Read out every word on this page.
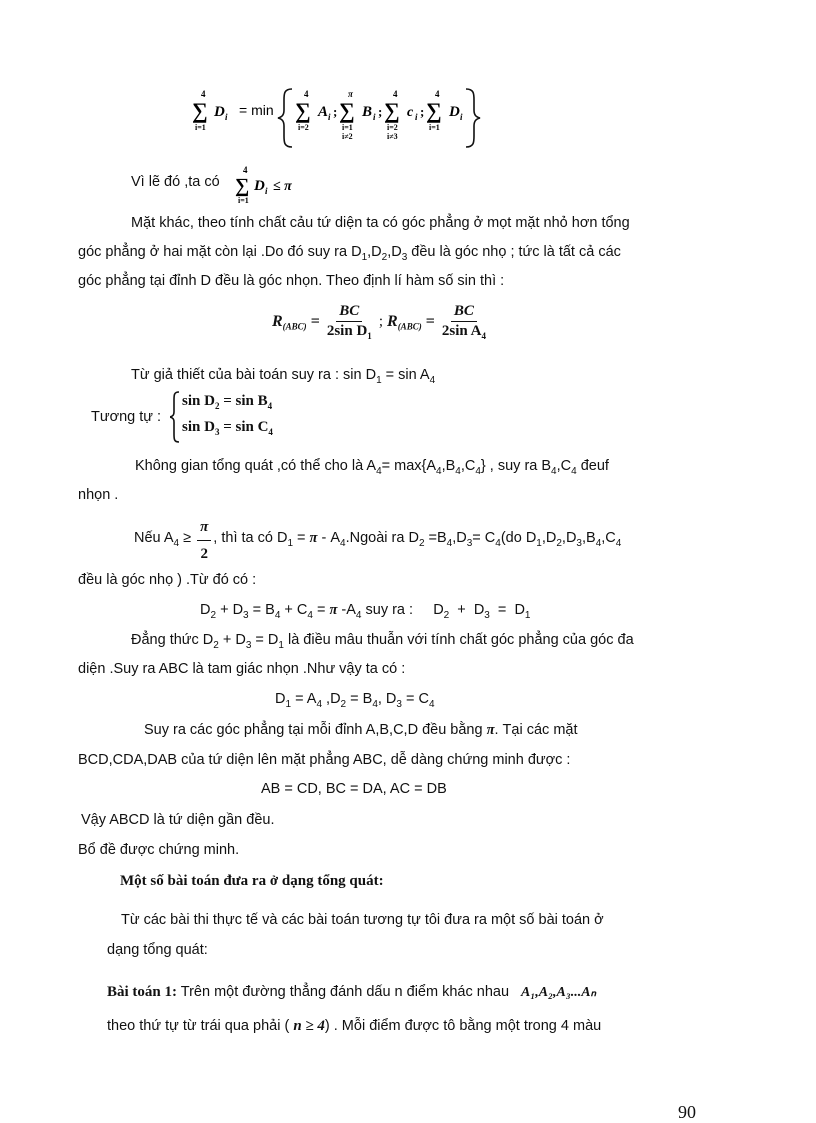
4
∑
i=1
D i = min
4
∑
i=2
A i ;
π
∑
i=1
i≠2
B i ;
4
∑
i=2
i≠3
c i ;
4
∑
i=1
D i
Vì lẽ đó ,ta có
4
∑
i=1
D i ≤ π
Mặt khác, theo tính chất cảu tứ diện ta có góc phẳng ở mọt mặt nhỏ hơn tổng
góc phẳng ở hai mặt còn lại .Do đó suy ra $D_1,D_2,D_3$ đều là góc nhọ ; tức là tất cả các
góc phẳng tại đỉnh D đều là góc nhọn. Theo định lí hàm số sin thì :
$R_{(ABC)} = \frac{BC}{2\sin D_1}$ ; $R_{(ABC)} = \frac{BC}{2\sin A_4}$
Từ giả thiết của bài toán suy ra : $\sin D_1 = \sin A_4$
Tương tự :
$\sin D_2 = \sin B_4$
$\sin D_3 = \sin C_4$
Không gian tổng quát ,có thể cho là $A_4= \max\{A_4,B_4,C_4\}$ , suy ra $B_4,C_4$ đeuf
nhọn .
Nếu $A_4 \ge \frac{\pi}{2}$ , thì ta có $D_1 = \pi$ - $A_4.Ngoài$ ra $D_2 =B_4,D_3= C_4(do$ $D_1,D_2,D_3,B_4,C_4$
đều là góc nhọ ) .Từ đó có :
$D_2 + D_3 = B_4 + C_4 = \pi$ $-A_4$ suy ra :     $D_2 + D_3 = D_1$
Đẳng thức $D_2 + D_3 = D_1$ là điều mâu thuẫn với tính chất góc phẳng của góc đa
diện .Suy ra ABC là tam giác nhọn .Như vậy ta có :
$D_1 = A_4$ $,D_2 = B_4$, $D_3 = C_4$
Suy ra các góc phẳng tại mỗi đỉnh A,B,C,D đều bằng π. Tại các mặt
BCD,CDA,DAB của tứ diện lên mặt phẳng ABC, dễ dàng chứng minh được :
AB = CD, BC = DA, AC = DB
Vậy ABCD là tứ diện gần đều.
Bổ đề được chứng minh.
Một số bài toán đưa ra ở dạng tổng quát:
Từ các bài thi thực tế và các bài toán tương tự tôi đưa ra một số bài toán ở
dạng tổng quát:
Bài toán 1: Trên một đường thẳng đánh dấu n điểm khác nhau A₁,A₂,A₃...Aₙ
theo thứ tự từ trái qua phải ( n ≥ 4) . Mỗi điểm được tô bằng một trong 4 màu
90
